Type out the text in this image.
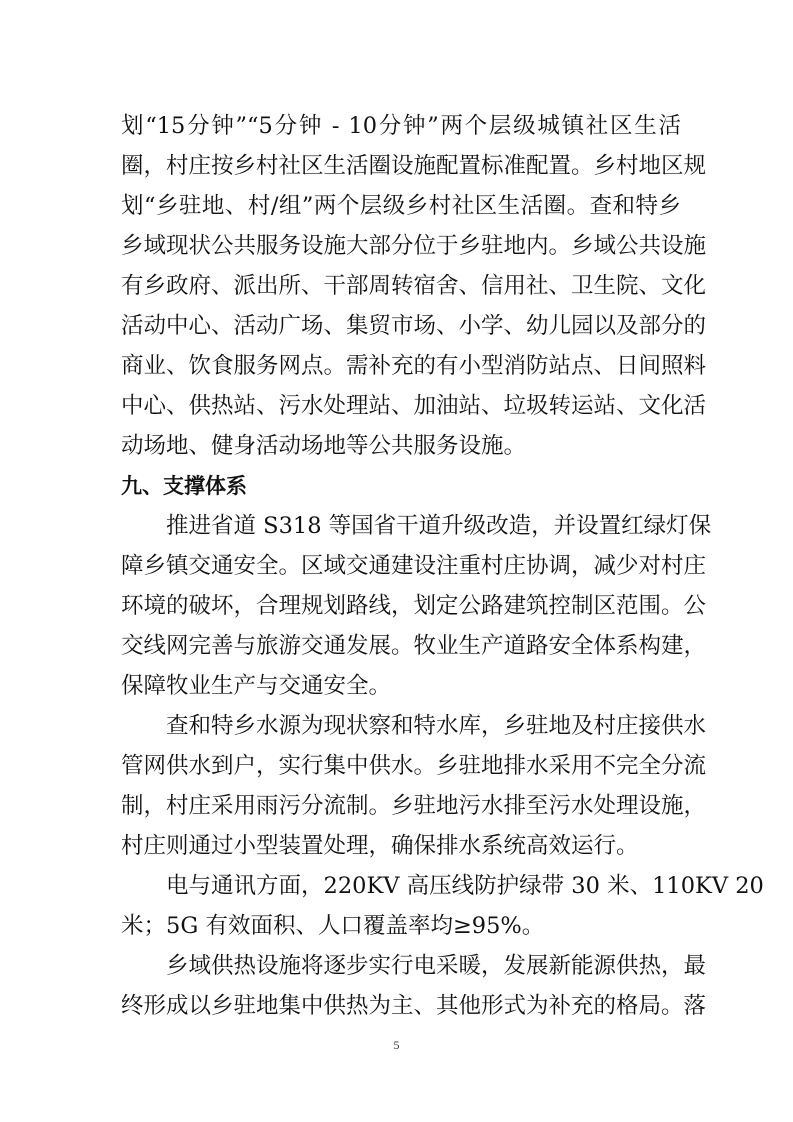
划“15分钟”“5分钟 - 10分钟”两个层级城镇社区生活
圈，村庄按乡村社区生活圈设施配置标准配置。乡村地区规
划“乡驻地、村/组”两个层级乡村社区生活圈。查和特乡
乡域现状公共服务设施大部分位于乡驻地内。乡域公共设施
有乡政府、派出所、干部周转宿舍、信用社、卫生院、文化
活动中心、活动广场、集贸市场、小学、幼儿园以及部分的
商业、饮食服务网点。需补充的有小型消防站点、日间照料
中心、供热站、污水处理站、加油站、垃圾转运站、文化活
动场地、健身活动场地等公共服务设施。
九、支撑体系
推进省道 S318 等国省干道升级改造，并设置红绿灯保
障乡镇交通安全。区域交通建设注重村庄协调，减少对村庄
环境的破坏，合理规划路线，划定公路建筑控制区范围。公
交线网完善与旅游交通发展。牧业生产道路安全体系构建，
保障牧业生产与交通安全。
查和特乡水源为现状察和特水库，乡驻地及村庄接供水
管网供水到户，实行集中供水。乡驻地排水采用不完全分流
制，村庄采用雨污分流制。乡驻地污水排至污水处理设施，
村庄则通过小型装置处理，确保排水系统高效运行。
电与通讯方面，220KV 高压线防护绿带 30 米、110KV 20
米；5G 有效面积、人口覆盖率均≥95%。
乡域供热设施将逐步实行电采暖，发展新能源供热，最
终形成以乡驻地集中供热为主、其他形式为补充的格局。落
5
